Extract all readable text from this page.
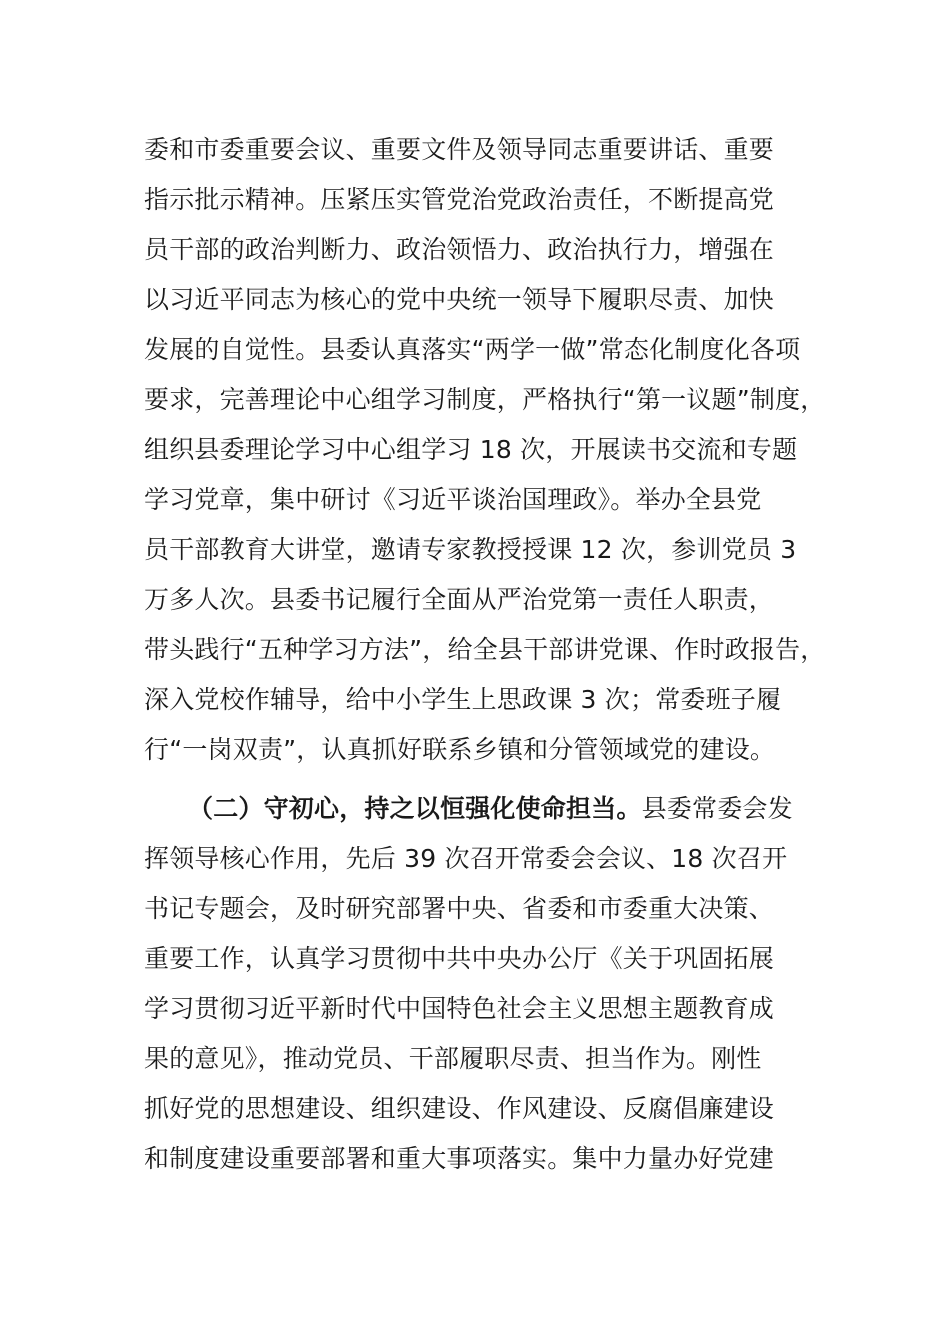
委和市委重要会议、重要文件及领导同志重要讲话、重要
指示批示精神。压紧压实管党治党政治责任，不断提高党
员干部的政治判断力、政治领悟力、政治执行力，增强在
以习近平同志为核心的党中央统一领导下履职尽责、加快
发展的自觉性。县委认真落实“两学一做”常态化制度化各项
要求，完善理论中心组学习制度，严格执行“第一议题”制度，
组织县委理论学习中心组学习 18 次，开展读书交流和专题
学习党章，集中研讨《习近平谈治国理政》。举办全县党
员干部教育大讲堂，邀请专家教授授课 12 次，参训党员 3
万多人次。县委书记履行全面从严治党第一责任人职责，
带头践行“五种学习方法”，给全县干部讲党课、作时政报告，
深入党校作辅导，给中小学生上思政课 3 次；常委班子履
行“一岗双责”，认真抓好联系乡镇和分管领域党的建设。
（二）守初心，持之以恒强化使命担当。县委常委会发
挥领导核心作用，先后 39 次召开常委会会议、18 次召开
书记专题会，及时研究部署中央、省委和市委重大决策、
重要工作，认真学习贯彻中共中央办公厅《关于巩固拓展
学习贯彻习近平新时代中国特色社会主义思想主题教育成
果的意见》，推动党员、干部履职尽责、担当作为。刚性
抓好党的思想建设、组织建设、作风建设、反腐倡廉建设
和制度建设重要部署和重大事项落实。集中力量办好党建
